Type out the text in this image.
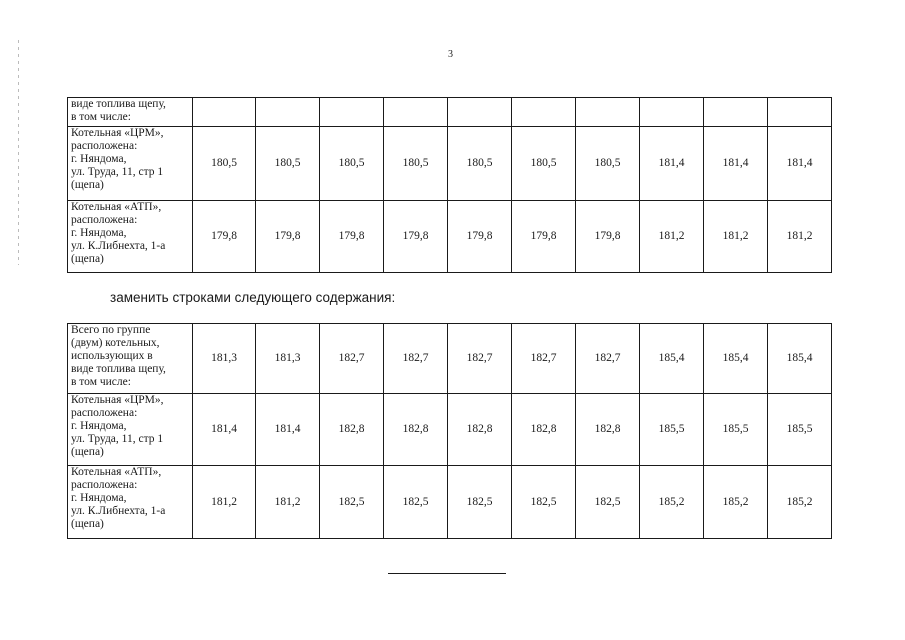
3
виде топлива щепу,
в том числе:										

Котельная «ЦРМ»,
расположена:
г. Няндома,
ул. Труда, 11, стр 1
(щепа)	180,5	180,5	180,5	180,5	180,5	180,5	180,5	181,4	181,4	181,4

Котельная «АТП»,
расположена:
г. Няндома,
ул. К.Либнехта, 1-а
(щепа)	179,8	179,8	179,8	179,8	179,8	179,8	179,8	181,2	181,2	181,2
заменить строками следующего содержания:
Всего по группе
(двум) котельных,
использующих в
виде топлива щепу,
в том числе:	181,3	181,3	182,7	182,7	182,7	182,7	182,7	185,4	185,4	185,4

Котельная «ЦРМ»,
расположена:
г. Няндома,
ул. Труда, 11, стр 1
(щепа)	181,4	181,4	182,8	182,8	182,8	182,8	182,8	185,5	185,5	185,5

Котельная «АТП»,
расположена:
г. Няндома,
ул. К.Либнехта, 1-а
(щепа)	181,2	181,2	182,5	182,5	182,5	182,5	182,5	185,2	185,2	185,2
